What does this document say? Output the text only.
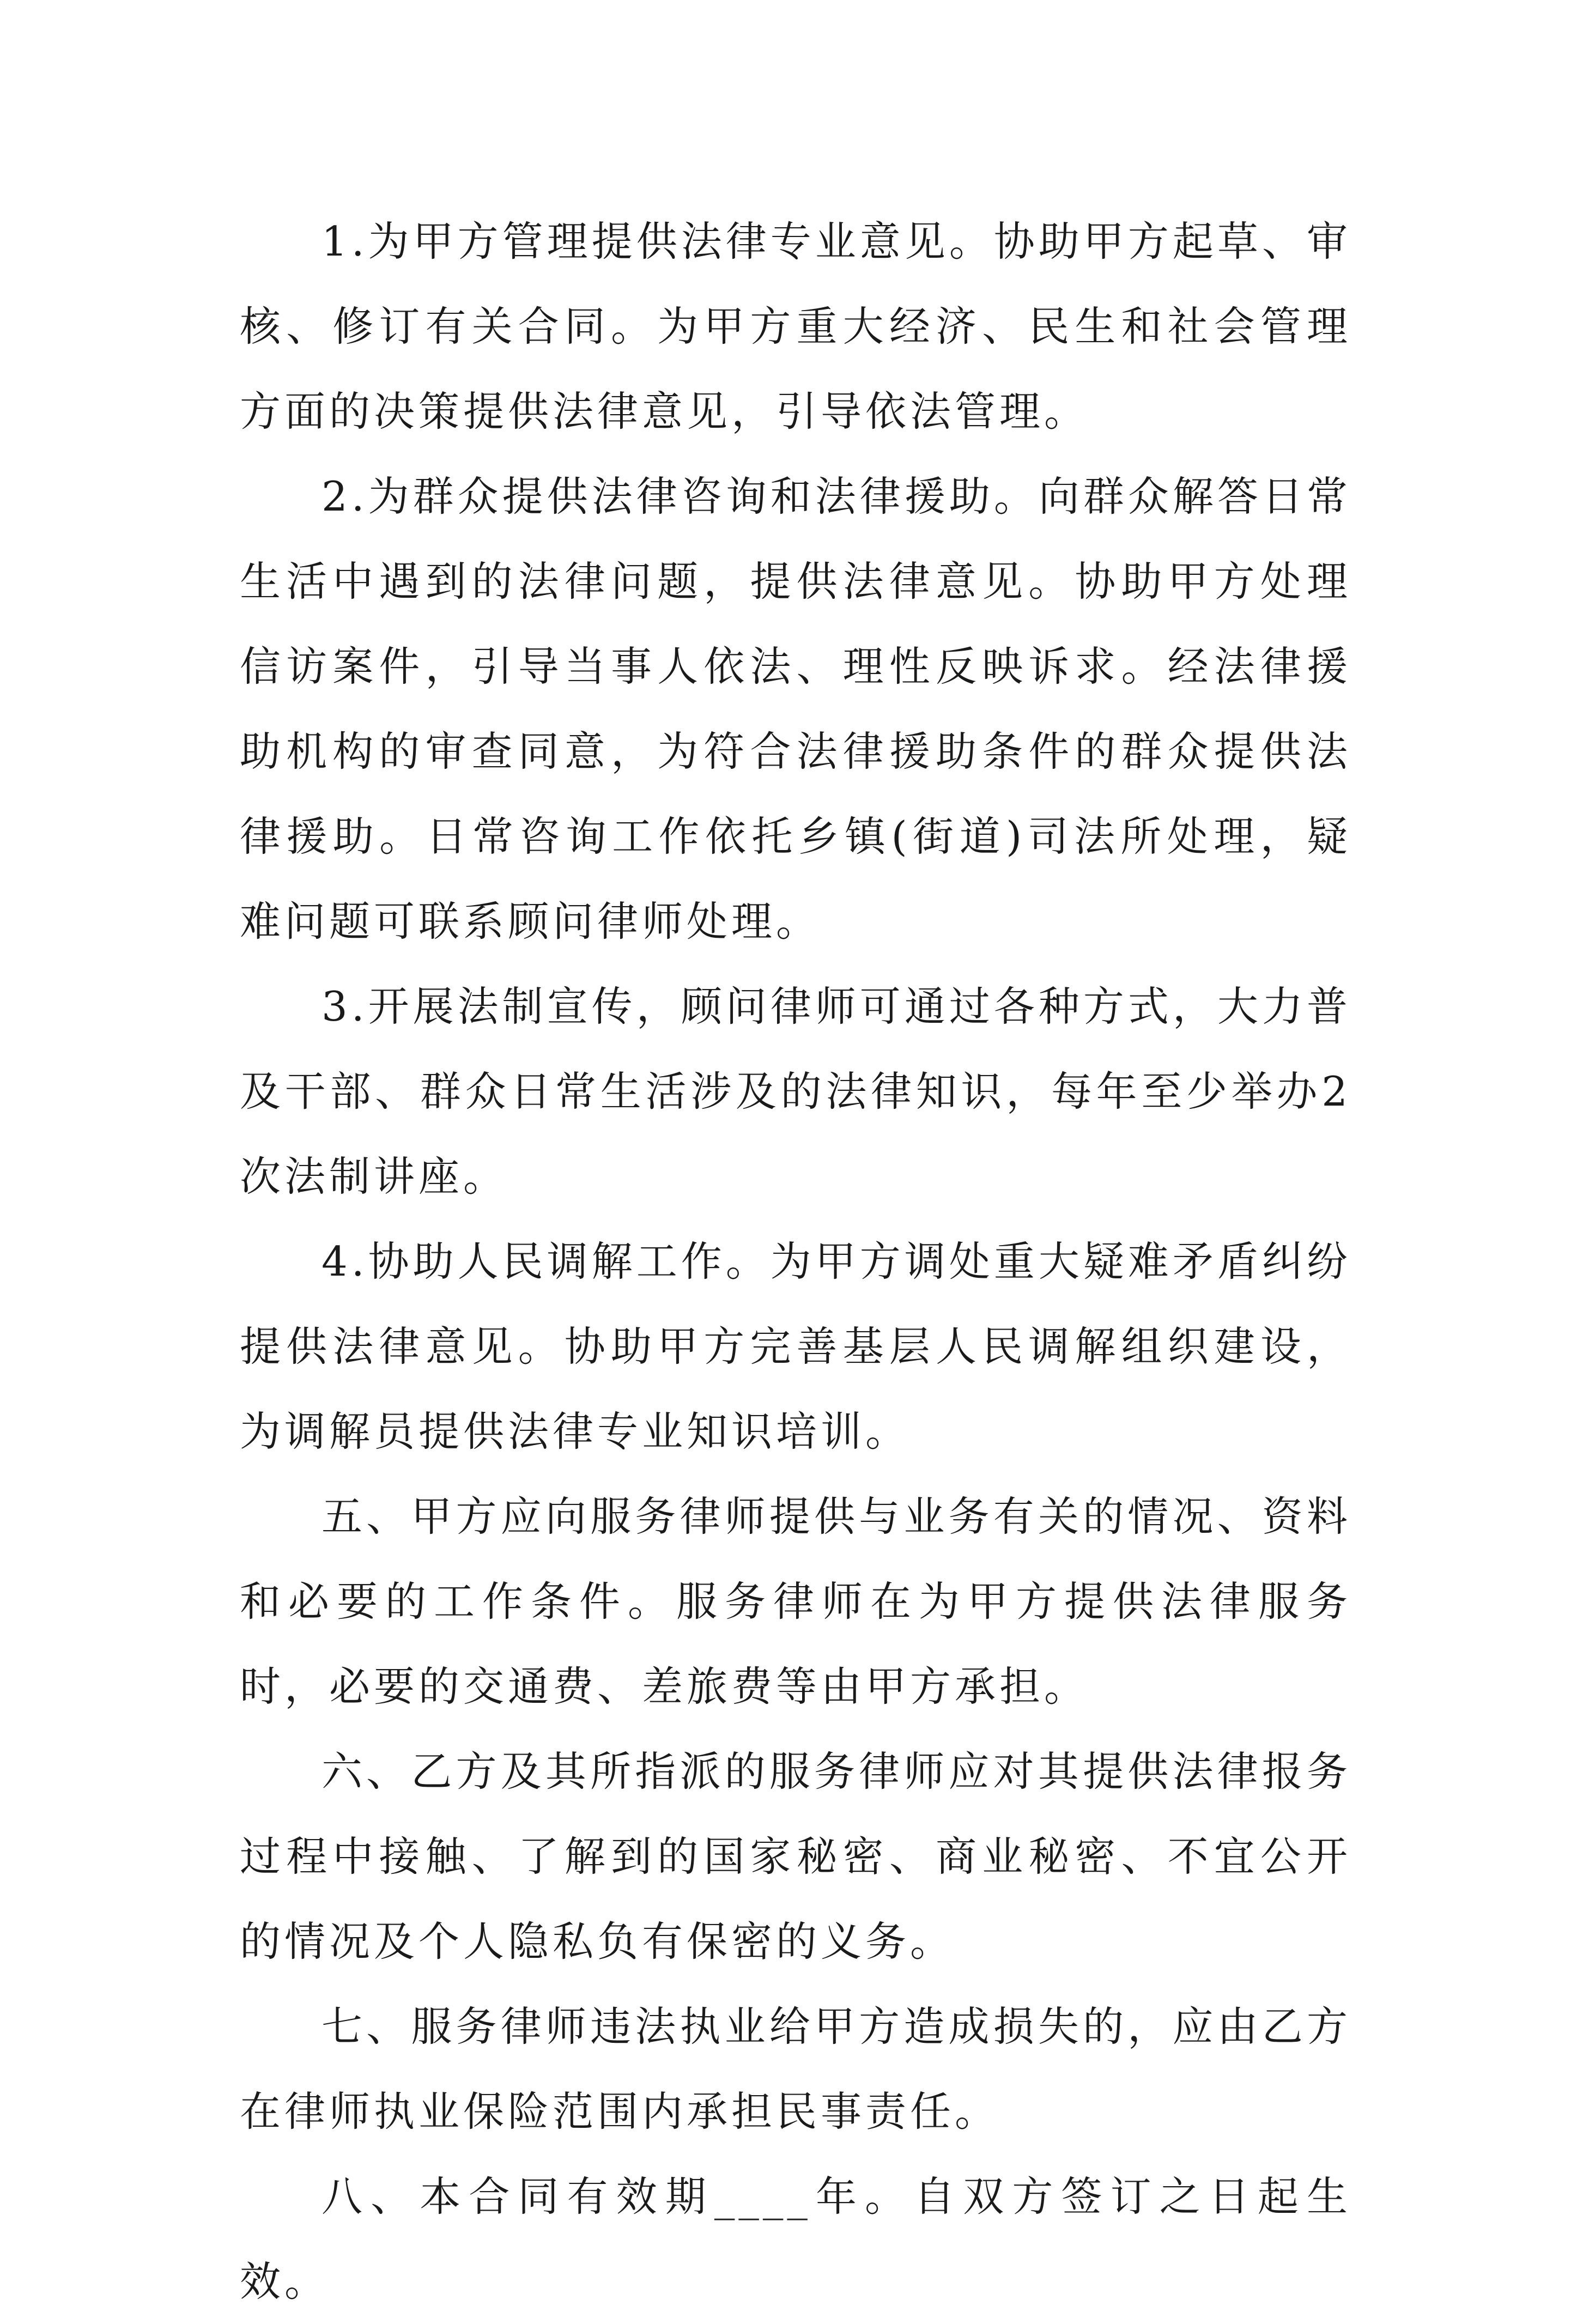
1.为甲方管理提供法律专业意见。协助甲方起草、审核、修订有关合同。为甲方重大经济、民生和社会管理方面的决策提供法律意见，引导依法管理。

2.为群众提供法律咨询和法律援助。向群众解答日常生活中遇到的法律问题，提供法律意见。协助甲方处理信访案件，引导当事人依法、理性反映诉求。经法律援助机构的审查同意，为符合法律援助条件的群众提供法律援助。日常咨询工作依托乡镇(街道)司法所处理，疑难问题可联系顾问律师处理。

3.开展法制宣传，顾问律师可通过各种方式，大力普及干部、群众日常生活涉及的法律知识，每年至少举办2次法制讲座。

4.协助人民调解工作。为甲方调处重大疑难矛盾纠纷提供法律意见。协助甲方完善基层人民调解组织建设，为调解员提供法律专业知识培训。

五、甲方应向服务律师提供与业务有关的情况、资料和必要的工作条件。服务律师在为甲方提供法律服务时，必要的交通费、差旅费等由甲方承担。

六、乙方及其所指派的服务律师应对其提供法律报务过程中接触、了解到的国家秘密、商业秘密、不宜公开的情况及个人隐私负有保密的义务。

七、服务律师违法执业给甲方造成损失的，应由乙方在律师执业保险范围内承担民事责任。

八、本合同有效期____年。自双方签订之日起生效。
